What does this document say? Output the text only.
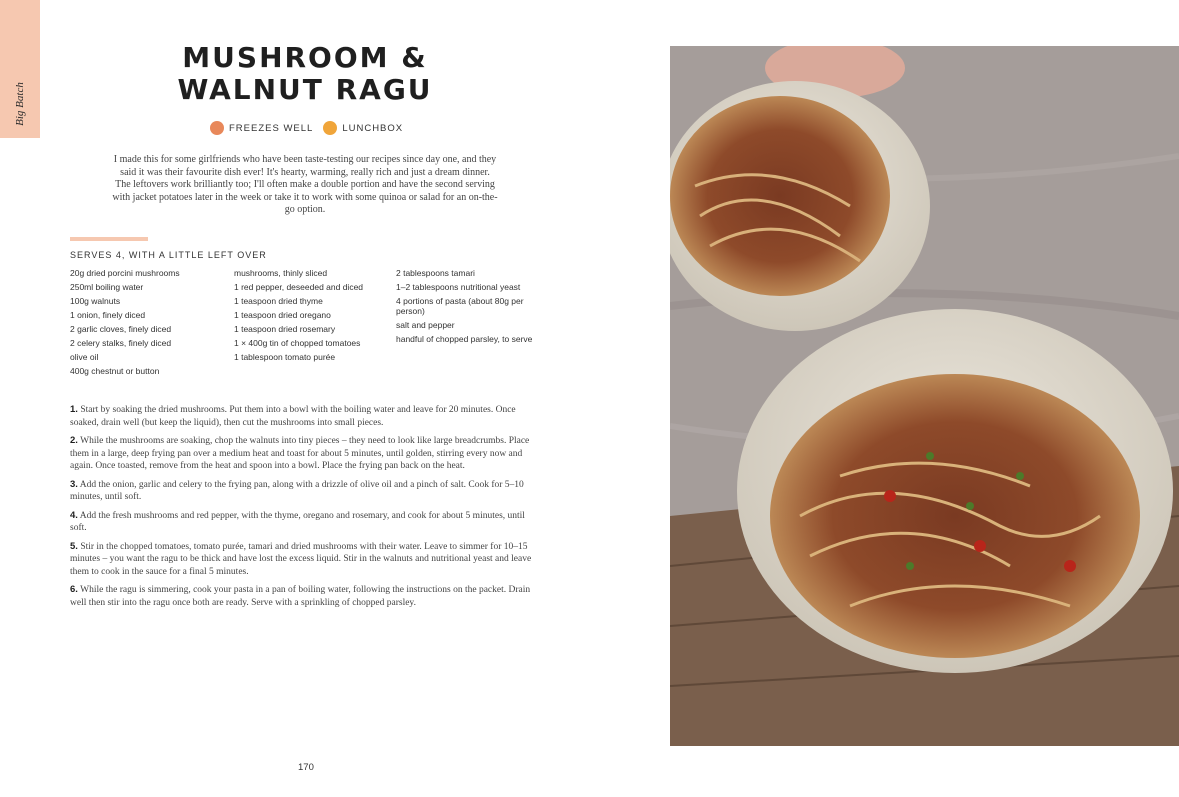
Big Batch
MUSHROOM &
WALNUT RAGU
FREEZES WELL	LUNCHBOX

I made this for some girlfriends who have been taste-testing our recipes since day one, and they said it was their favourite dish ever! It's hearty, warming, really rich and just a dream dinner. The leftovers work brilliantly too; I'll often make a double portion and have the second serving with jacket potatoes later in the week or take it to work with some quinoa or salad for an on-the-go option.

SERVES 4, WITH A LITTLE LEFT OVER
20g dried porcini mushrooms
250ml boiling water
100g walnuts
1 onion, finely diced
2 garlic cloves, finely diced
2 celery stalks, finely diced
olive oil
400g chestnut or button
mushrooms, thinly sliced
1 red pepper, deseeded and diced
1 teaspoon dried thyme
1 teaspoon dried oregano
1 teaspoon dried rosemary
1 × 400g tin of chopped tomatoes
1 tablespoon tomato purée
2 tablespoons tamari
1–2 tablespoons nutritional yeast
4 portions of pasta (about 80g per person)
salt and pepper
handful of chopped parsley, to serve

1. Start by soaking the dried mushrooms. Put them into a bowl with the boiling water and leave for 20 minutes. Once soaked, drain well (but keep the liquid), then cut the mushrooms into small pieces.

2. While the mushrooms are soaking, chop the walnuts into tiny pieces – they need to look like large breadcrumbs. Place them in a large, deep frying pan over a medium heat and toast for about 5 minutes, until golden, stirring every now and again. Once toasted, remove from the heat and spoon into a bowl. Place the frying pan back on the heat.

3. Add the onion, garlic and celery to the frying pan, along with a drizzle of olive oil and a pinch of salt. Cook for 5–10 minutes, until soft.

4. Add the fresh mushrooms and red pepper, with the thyme, oregano and rosemary, and cook for about 5 minutes, until soft.

5. Stir in the chopped tomatoes, tomato purée, tamari and dried mushrooms with their water. Leave to simmer for 10–15 minutes – you want the ragu to be thick and have lost the excess liquid. Stir in the walnuts and nutritional yeast and leave them to cook in the sauce for a final 5 minutes.

6. While the ragu is simmering, cook your pasta in a pan of boiling water, following the instructions on the packet. Drain well then stir into the ragu once both are ready. Serve with a sprinkling of chopped parsley.

170
